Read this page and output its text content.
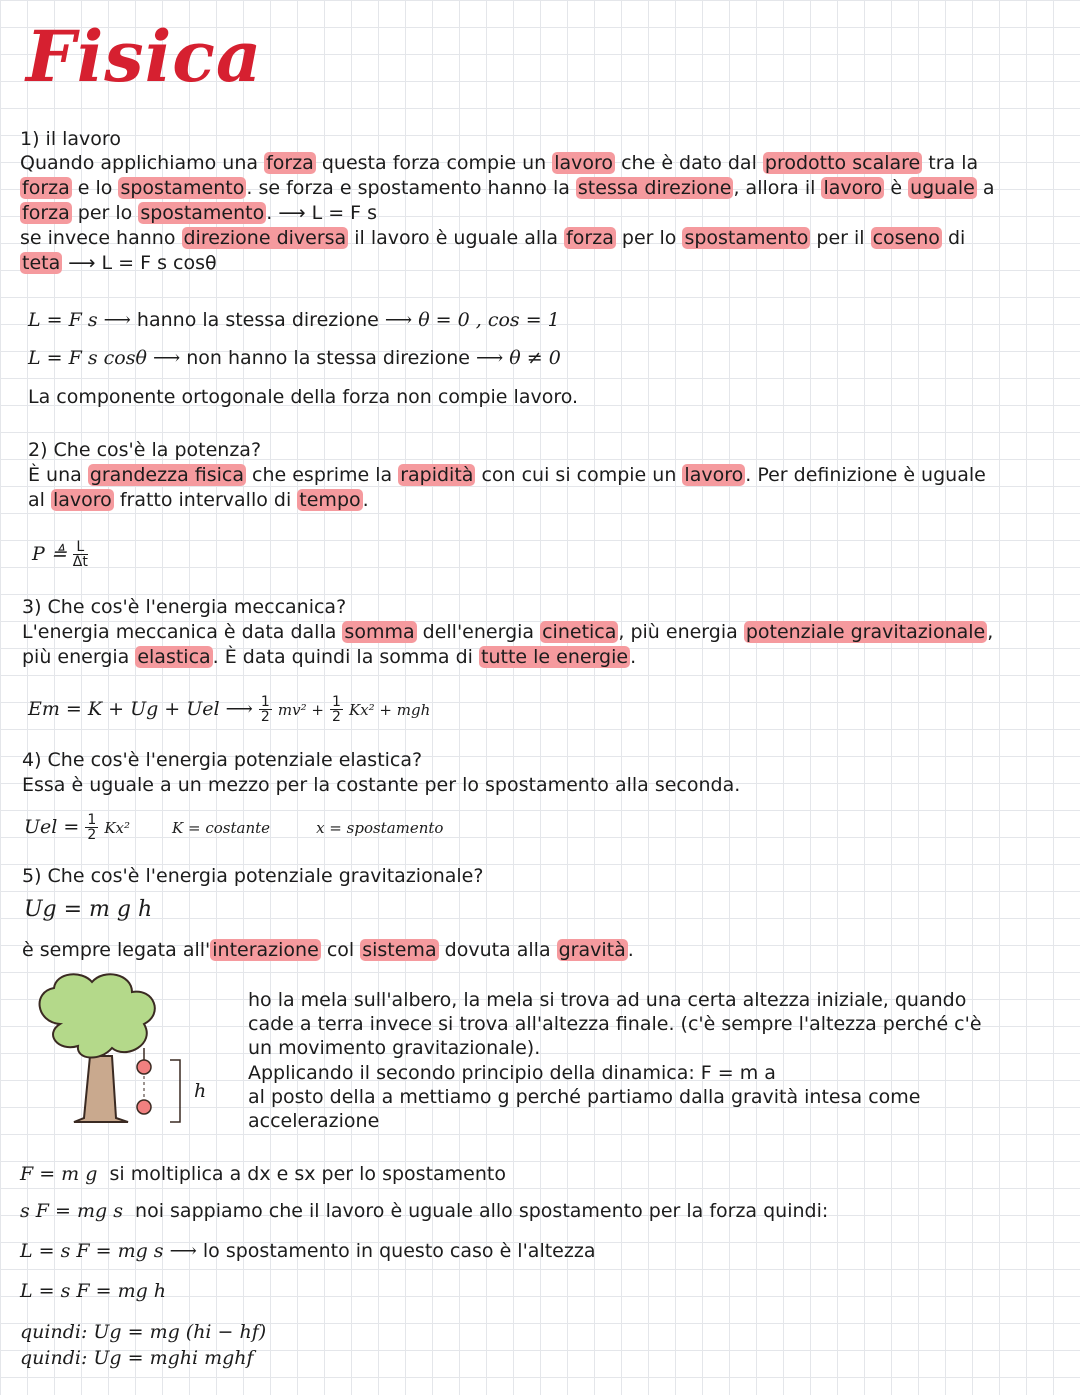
Fisica
1) il lavoro
Quando applichiamo una forza questa forza compie un lavoro che è dato dal prodotto scalare tra la
forza e lo spostamento . se forza e spostamento hanno la stessa direzione , allora il lavoro è uguale a
forza per lo spostamento . ⟶ L = F s
se invece hanno direzione diversa il lavoro è uguale alla forza per lo spostamento per il coseno di
teta ⟶ L = F s cosθ
L = F s ⟶ hanno la stessa direzione ⟶ θ = 0 , cos = 1
L = F s cosθ ⟶ non hanno la stessa direzione ⟶ θ ≠ 0
La componente ortogonale della forza non compie lavoro.
2) Che cos'è la potenza?
È una grandezza fisica che esprime la rapidità con cui si compie un lavoro . Per definizione è uguale
al lavoro fratto intervallo di tempo .
P ≜ $\frac{L}{\Delta t}$
3) Che cos'è l'energia meccanica?
L'energia meccanica è data dalla somma dell'energia cinetica , più energia potenziale gravitazionale ,
più energia elastica . È data quindi la somma di tutte le energie .
Em = K + Ug + Uel ⟶ $\frac{1}{2} mv^2 + \frac{1}{2} Kx^2$ + mgh
4) Che cos'è l'energia potenziale elastica?
Essa è uguale a un mezzo per la costante per lo spostamento alla seconda.
Uel = $\frac{1}{2} Kx^2$	K = costante	x = spostamento
5) Che cos'è l'energia potenziale gravitazionale?
Ug = m g h
è sempre legata all' interazione col sistema dovuta alla gravità .
h
ho la mela sull'albero, la mela si trova ad una certa altezza iniziale, quando
cade a terra invece si trova all'altezza finale. (c'è sempre l'altezza perché c'è
un movimento gravitazionale).
Applicando il secondo principio della dinamica: F = m a
al posto della a mettiamo g perché partiamo dalla gravità intesa come
accelerazione
F = m g si moltiplica a dx e sx per lo spostamento
s F = mg s noi sappiamo che il lavoro è uguale allo spostamento per la forza quindi:
L = s F = mg s ⟶ lo spostamento in questo caso è l'altezza
L = s F = mg h
quindi: Ug = mg (hi − hf)
quindi: Ug = mghi mghf
